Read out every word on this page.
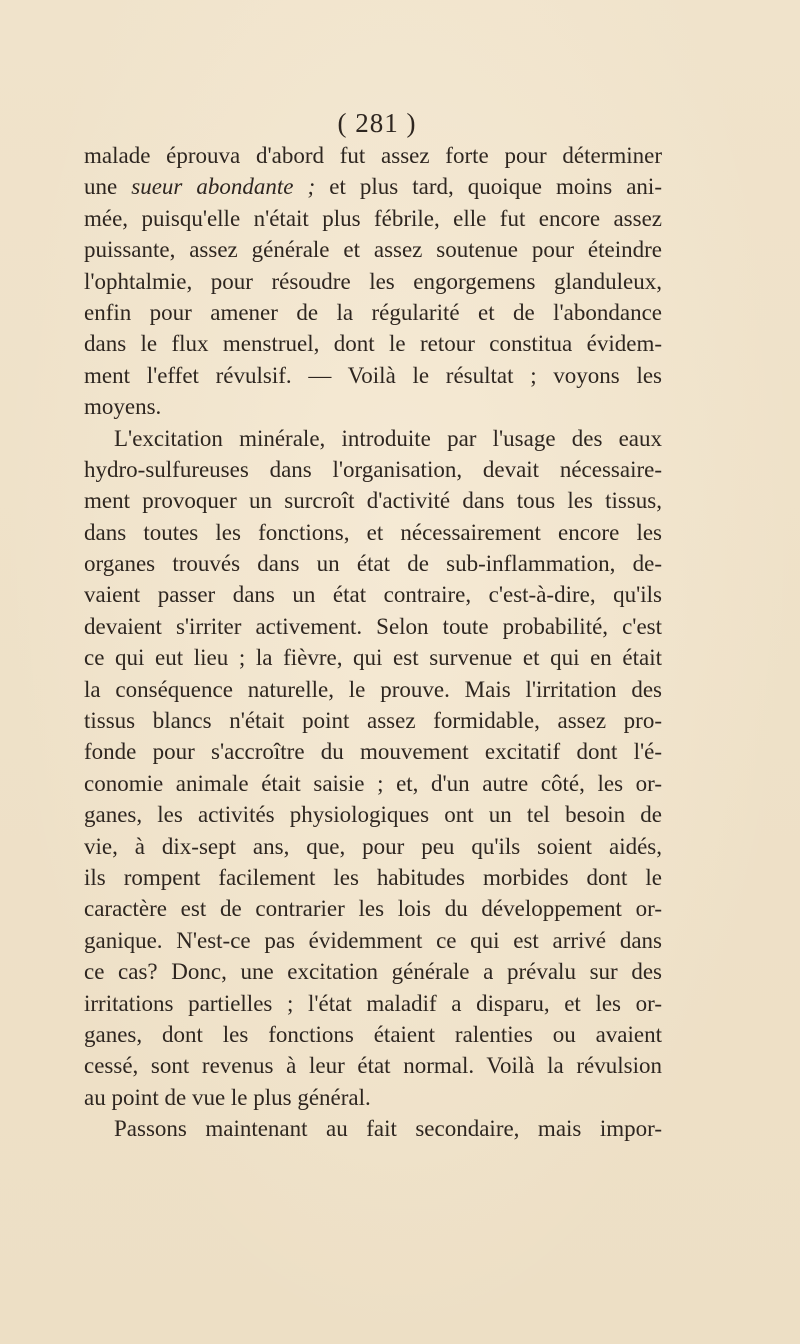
( 281 )
malade éprouva d'abord fut assez forte pour déterminer
une sueur abondante ; et plus tard, quoique moins ani-
mée, puisqu'elle n'était plus fébrile, elle fut encore assez
puissante, assez générale et assez soutenue pour éteindre
l'ophtalmie, pour résoudre les engorgemens glanduleux,
enfin pour amener de la régularité et de l'abondance
dans le flux menstruel, dont le retour constitua évidem-
ment l'effet révulsif. — Voilà le résultat ; voyons les
moyens.
L'excitation minérale, introduite par l'usage des eaux
hydro-sulfureuses dans l'organisation, devait nécessaire-
ment provoquer un surcroît d'activité dans tous les tissus,
dans toutes les fonctions, et nécessairement encore les
organes trouvés dans un état de sub-inflammation, de-
vaient passer dans un état contraire, c'est-à-dire, qu'ils
devaient s'irriter activement. Selon toute probabilité, c'est
ce qui eut lieu ; la fièvre, qui est survenue et qui en était
la conséquence naturelle, le prouve. Mais l'irritation des
tissus blancs n'était point assez formidable, assez pro-
fonde pour s'accroître du mouvement excitatif dont l'é-
conomie animale était saisie ; et, d'un autre côté, les or-
ganes, les activités physiologiques ont un tel besoin de
vie, à dix-sept ans, que, pour peu qu'ils soient aidés,
ils rompent facilement les habitudes morbides dont le
caractère est de contrarier les lois du développement or-
ganique. N'est-ce pas évidemment ce qui est arrivé dans
ce cas? Donc, une excitation générale a prévalu sur des
irritations partielles ; l'état maladif a disparu, et les or-
ganes, dont les fonctions étaient ralenties ou avaient
cessé, sont revenus à leur état normal. Voilà la révulsion
au point de vue le plus général.
Passons maintenant au fait secondaire, mais impor-
